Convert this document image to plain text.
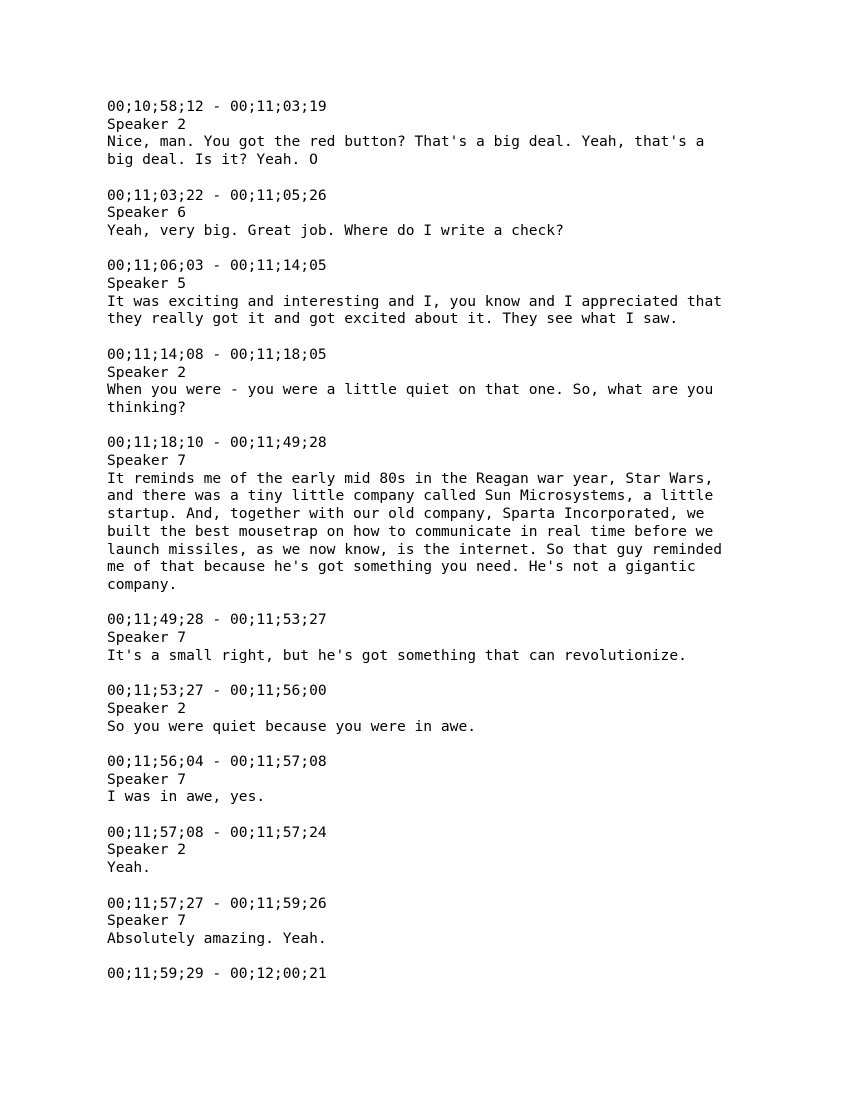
00;10;58;12 - 00;11;03;19
Speaker 2
Nice, man. You got the red button? That's a big deal. Yeah, that's a
big deal. Is it? Yeah. O
00;11;03;22 - 00;11;05;26
Speaker 6
Yeah, very big. Great job. Where do I write a check?
00;11;06;03 - 00;11;14;05
Speaker 5
It was exciting and interesting and I, you know and I appreciated that
they really got it and got excited about it. They see what I saw.
00;11;14;08 - 00;11;18;05
Speaker 2
When you were - you were a little quiet on that one. So, what are you
thinking?
00;11;18;10 - 00;11;49;28
Speaker 7
It reminds me of the early mid 80s in the Reagan war year, Star Wars,
and there was a tiny little company called Sun Microsystems, a little
startup. And, together with our old company, Sparta Incorporated, we
built the best mousetrap on how to communicate in real time before we
launch missiles, as we now know, is the internet. So that guy reminded
me of that because he's got something you need. He's not a gigantic
company.
00;11;49;28 - 00;11;53;27
Speaker 7
It's a small right, but he's got something that can revolutionize.
00;11;53;27 - 00;11;56;00
Speaker 2
So you were quiet because you were in awe.
00;11;56;04 - 00;11;57;08
Speaker 7
I was in awe, yes.
00;11;57;08 - 00;11;57;24
Speaker 2
Yeah.
00;11;57;27 - 00;11;59;26
Speaker 7
Absolutely amazing. Yeah.
00;11;59;29 - 00;12;00;21
